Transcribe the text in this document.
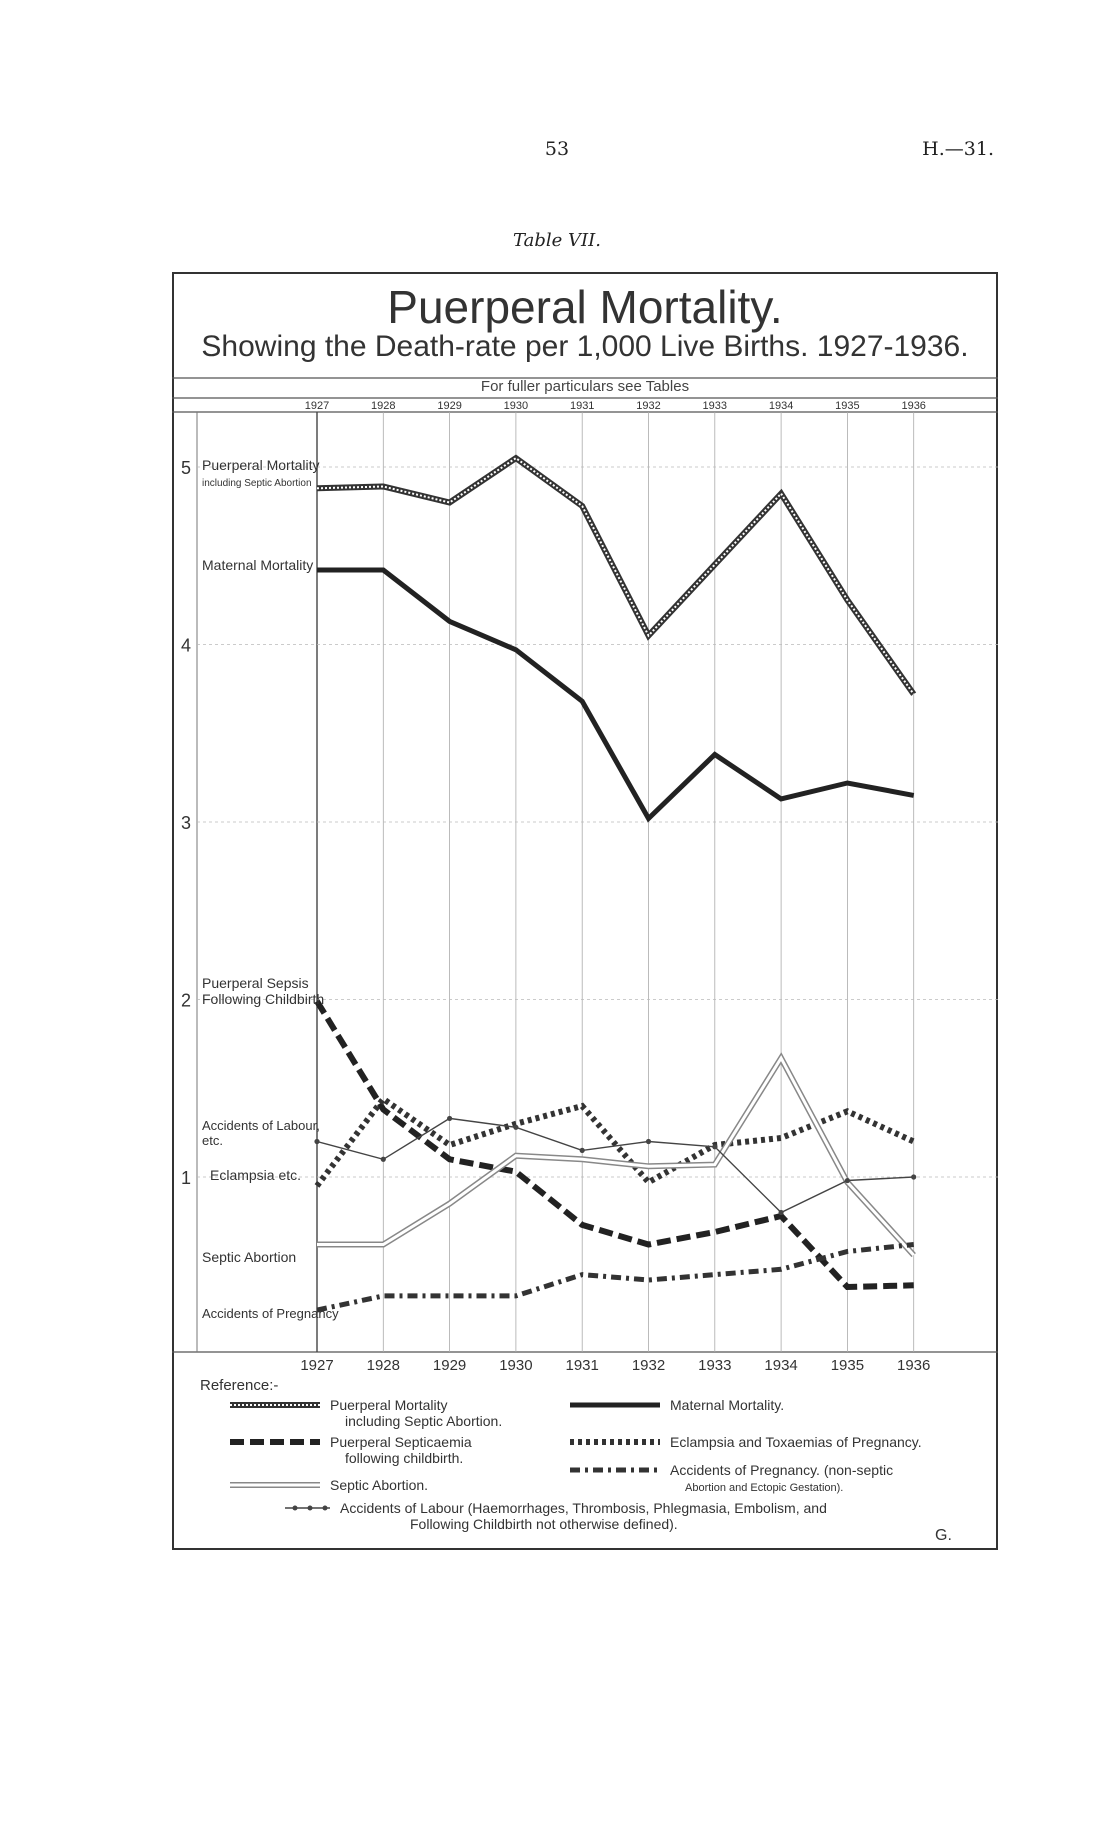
53	H.—31.
Table VII.
Puerperal Mortality.
Showing the Death-rate per 1,000 Live Births. 1927-1936.
For fuller particulars see Tables
1927
1927
1928
1928
1929
1929
1930
1930
1931
1931
1932
1932
1933
1933
1934
1934
1935
1935
1936
1936
1
2
3
4
5 Puerperal Mortality
including Septic Abortion
Maternal Mortality
Puerperal Sepsis
Following Childbirth
Eclampsia etc.
Septic Abortion
Accidents of Pregnancy
Accidents of Labour,
etc.
Reference:-
Puerperal Mortality
including Septic Abortion.
Maternal Mortality.
Puerperal Septicaemia
following childbirth.
Eclampsia and Toxaemias of Pregnancy.
Septic Abortion.
Accidents of Pregnancy. (non-septic
Abortion and Ectopic Gestation).
Accidents of Labour (Haemorrhages, Thrombosis, Phlegmasia, Embolism, and
Following Childbirth not otherwise defined).
G.
